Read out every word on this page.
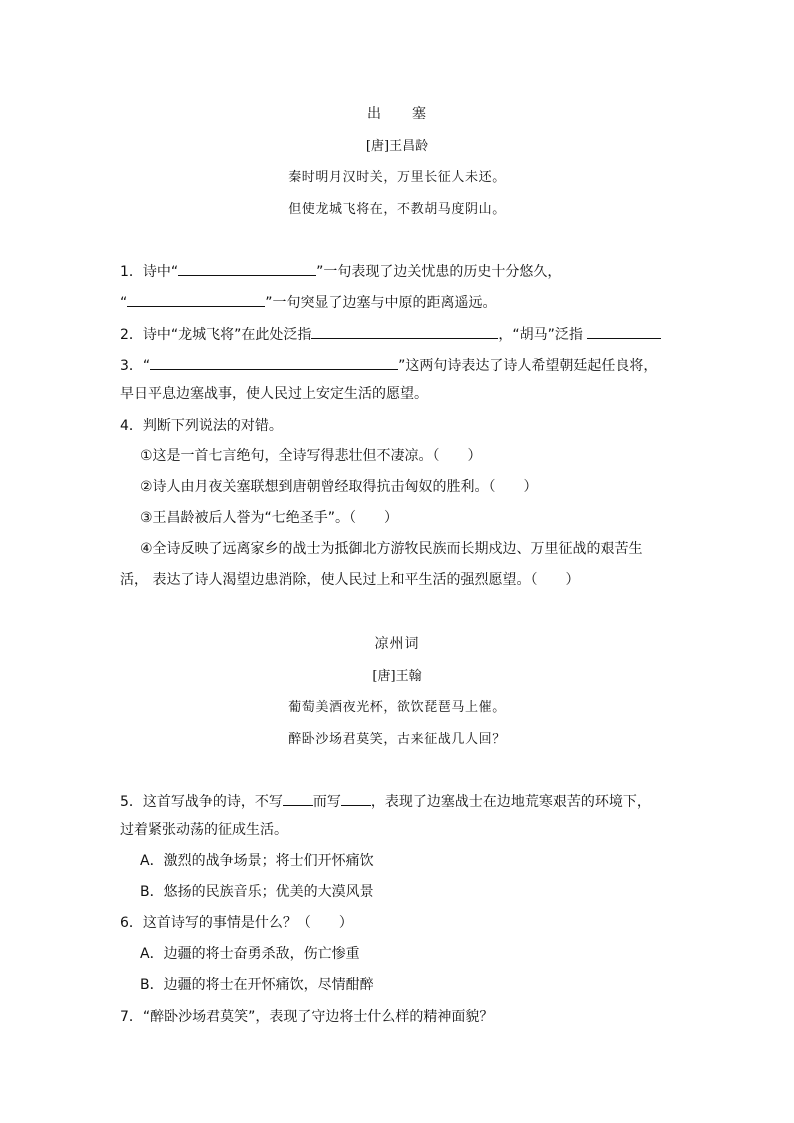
出 塞
[唐]王昌龄
秦时明月汉时关，万里长征人未还。
但使龙城飞将在，不教胡马度阴山。
1．诗中“	”一句表现了边关忧患的历史十分悠久，
“	”一句突显了边塞与中原的距离遥远。
2．诗中“龙城飞将”在此处泛指	，“胡马”泛指
3．“	”这两句诗表达了诗人希望朝廷起任良将，
早日平息边塞战事，使人民过上安定生活的愿望。
4．判断下列说法的对错。
①这是一首七言绝句，全诗写得悲壮但不凄凉。（　　）
②诗人由月夜关塞联想到唐朝曾经取得抗击匈奴的胜利。（　　）
③王昌龄被后人誉为“七绝圣手”。（　　）
④全诗反映了远离家乡的战士为抵御北方游牧民族而长期戍边、万里征战的艰苦生
活， 表达了诗人渴望边患消除，使人民过上和平生活的强烈愿望。（　　）
凉州词
[唐]王翰
葡萄美酒夜光杯，欲饮琵琶马上催。
醉卧沙场君莫笑，古来征战几人回？
5．这首写战争的诗，不写 而写 ，表现了边塞战士在边地荒寒艰苦的环境下，
过着紧张动荡的征成生活。
A．激烈的战争场景；将士们开怀痛饮
B．悠扬的民族音乐；优美的大漠风景
6．这首诗写的事情是什么？（　　）
A．边疆的将士奋勇杀敌，伤亡惨重
B．边疆的将士在开怀痛饮，尽情酣醉
7．“醉卧沙场君莫笑”，表现了守边将士什么样的精神面貌？
